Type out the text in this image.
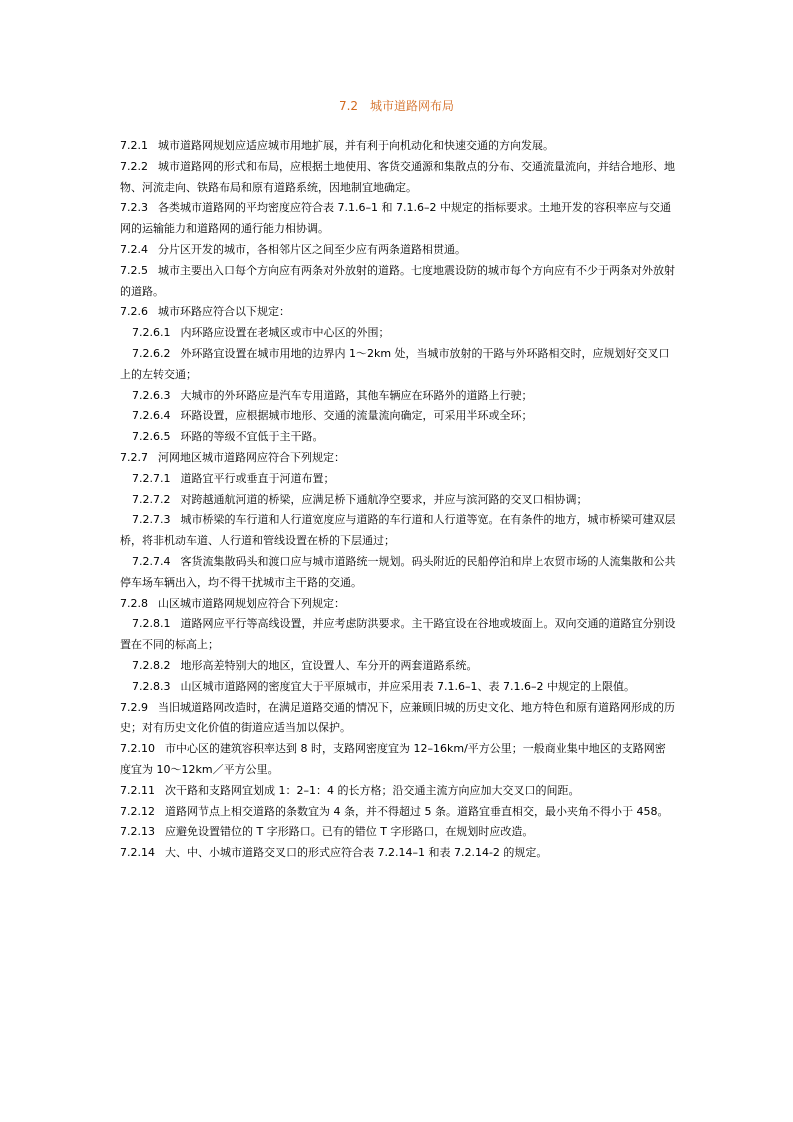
7.2　城市道路网布局

7.2.1 城市道路网规划应适应城市用地扩展，并有利于向机动化和快速交通的方向发展。

7.2.2 城市道路网的形式和布局，应根据土地使用、客货交通源和集散点的分布、交通流量流向，并结合地形、地物、河流走向、铁路布局和原有道路系统，因地制宜地确定。

7.2.3 各类城市道路网的平均密度应符合表 7.1.6–1 和 7.1.6–2 中规定的指标要求。土地开发的容积率应与交通网的运输能力和道路网的通行能力相协调。

7.2.4 分片区开发的城市，各相邻片区之间至少应有两条道路相贯通。

7.2.5 城市主要出入口每个方向应有两条对外放射的道路。七度地震设防的城市每个方向应有不少于两条对外放射的道路。

7.2.6 城市环路应符合以下规定：

7.2.6.1 内环路应设置在老城区或市中心区的外围；

7.2.6.2 外环路宜设置在城市用地的边界内 1～2km 处，当城市放射的干路与外环路相交时，应规划好交叉口上的左转交通；

7.2.6.3 大城市的外环路应是汽车专用道路，其他车辆应在环路外的道路上行驶；

7.2.6.4 环路设置，应根据城市地形、交通的流量流向确定，可采用半环或全环；

7.2.6.5 环路的等级不宜低于主干路。

7.2.7 河网地区城市道路网应符合下列规定：

7.2.7.1 道路宜平行或垂直于河道布置；

7.2.7.2 对跨越通航河道的桥梁，应满足桥下通航净空要求，并应与滨河路的交叉口相协调；

7.2.7.3 城市桥梁的车行道和人行道宽度应与道路的车行道和人行道等宽。在有条件的地方，城市桥梁可建双层桥，将非机动车道、人行道和管线设置在桥的下层通过；

7.2.7.4 客货流集散码头和渡口应与城市道路统一规划。码头附近的民船停泊和岸上农贸市场的人流集散和公共停车场车辆出入，均不得干扰城市主干路的交通。

7.2.8 山区城市道路网规划应符合下列规定：

7.2.8.1 道路网应平行等高线设置，并应考虑防洪要求。主干路宜设在谷地或坡面上。双向交通的道路宜分别设置在不同的标高上；

7.2.8.2 地形高差特别大的地区，宜设置人、车分开的两套道路系统。

7.2.8.3 山区城市道路网的密度宜大于平原城市，并应采用表 7.1.6–1、表 7.1.6–2 中规定的上限值。

7.2.9 当旧城道路网改造时，在满足道路交通的情况下，应兼顾旧城的历史文化、地方特色和原有道路网形成的历史；对有历史文化价值的街道应适当加以保护。

7.2.10 市中心区的建筑容积率达到 8 时，支路网密度宜为 12–16km/平方公里；一般商业集中地区的支路网密度宜为 10～12km／平方公里。

7.2.11 次干路和支路网宜划成 1：2–1：4 的长方格；沿交通主流方向应加大交叉口的间距。

7.2.12 道路网节点上相交道路的条数宜为 4 条，并不得超过 5 条。道路宜垂直相交，最小夹角不得小于 458。

7.2.13 应避免设置错位的 T 字形路口。已有的错位 T 字形路口，在规划时应改造。

7.2.14 大、中、小城市道路交叉口的形式应符合表 7.2.14–1 和表 7.2.14-2 的规定。
